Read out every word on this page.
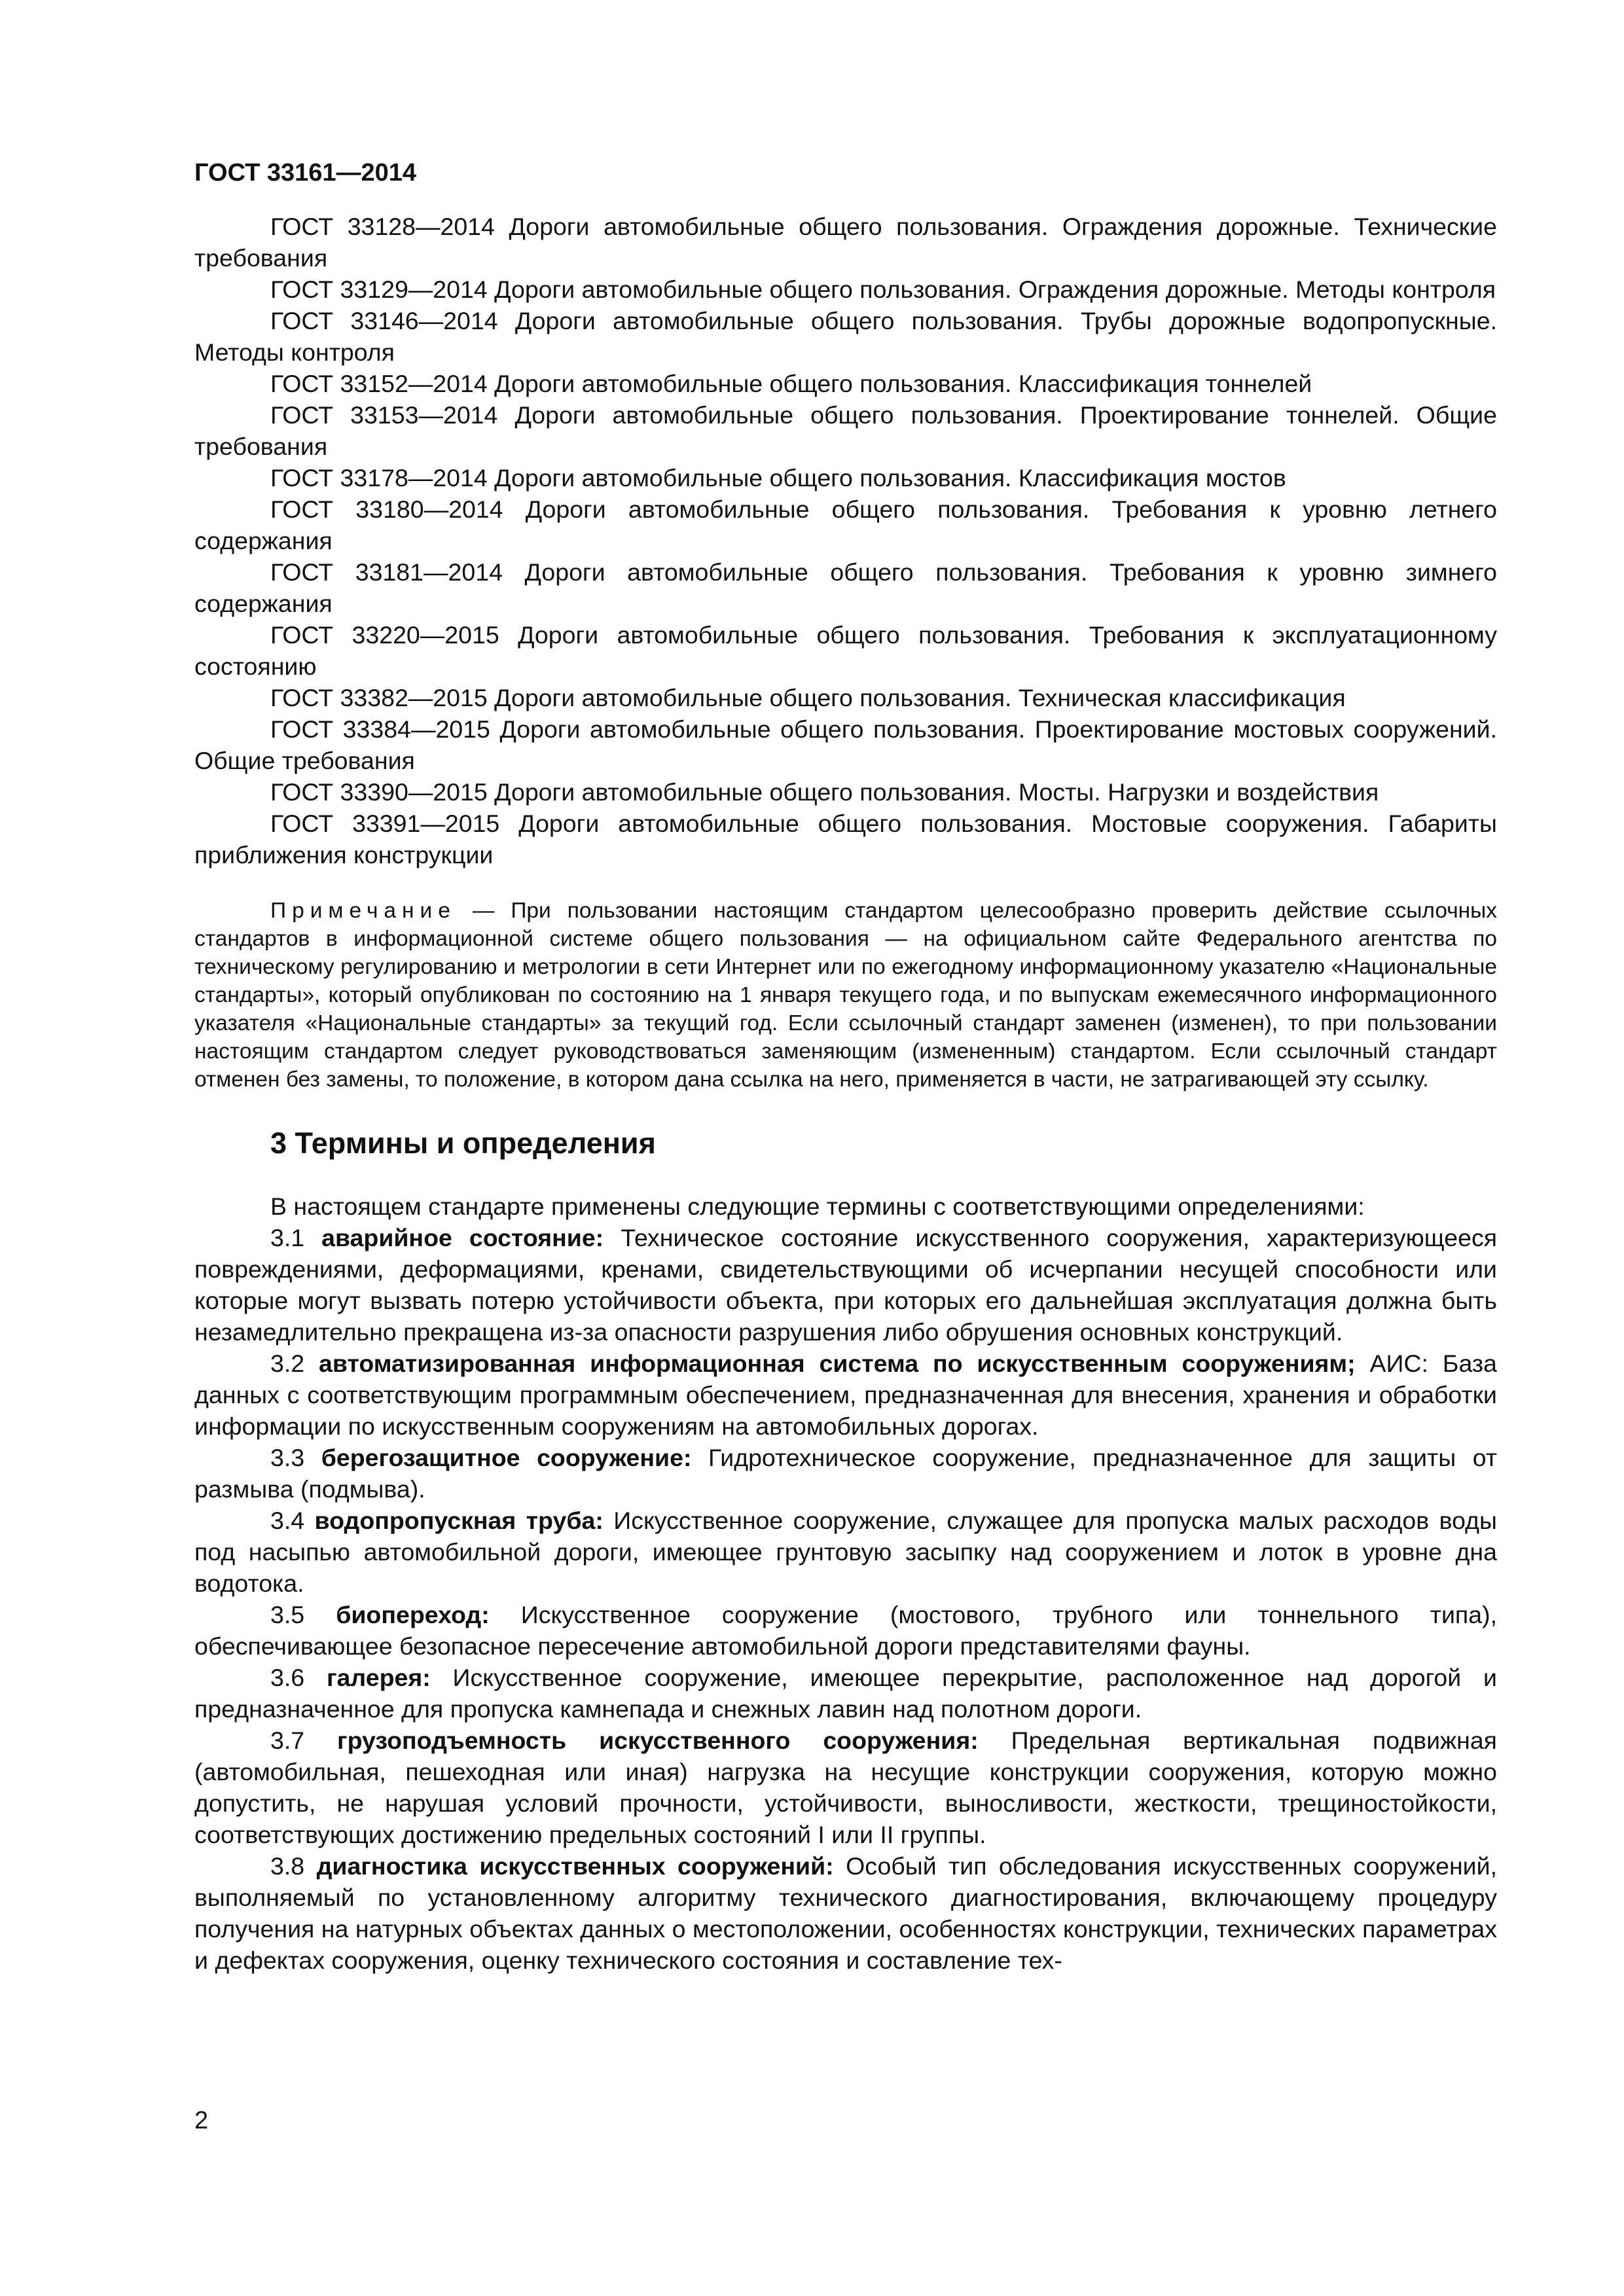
ГОСТ 33161—2014

ГОСТ 33128—2014 Дороги автомобильные общего пользования. Ограждения дорожные. Технические требования

ГОСТ 33129—2014 Дороги автомобильные общего пользования. Ограждения дорожные. Методы контроля

ГОСТ 33146—2014 Дороги автомобильные общего пользования. Трубы дорожные водопропускные. Методы контроля

ГОСТ 33152—2014 Дороги автомобильные общего пользования. Классификация тоннелей

ГОСТ 33153—2014 Дороги автомобильные общего пользования. Проектирование тоннелей. Общие требования

ГОСТ 33178—2014 Дороги автомобильные общего пользования. Классификация мостов

ГОСТ 33180—2014 Дороги автомобильные общего пользования. Требования к уровню летнего содержания

ГОСТ 33181—2014 Дороги автомобильные общего пользования. Требования к уровню зимнего содержания

ГОСТ 33220—2015 Дороги автомобильные общего пользования. Требования к эксплуатационному состоянию

ГОСТ 33382—2015 Дороги автомобильные общего пользования. Техническая классификация

ГОСТ 33384—2015 Дороги автомобильные общего пользования. Проектирование мостовых сооружений. Общие требования

ГОСТ 33390—2015 Дороги автомобильные общего пользования. Мосты. Нагрузки и воздействия

ГОСТ 33391—2015 Дороги автомобильные общего пользования. Мостовые сооружения. Габариты приближения конструкции

Примечание — При пользовании настоящим стандартом целесообразно проверить действие ссылочных стандартов в информационной системе общего пользования — на официальном сайте Федерального агентства по техническому регулированию и метрологии в сети Интернет или по ежегодному информационному указателю «Национальные стандарты», который опубликован по состоянию на 1 января текущего года, и по выпускам ежемесячного информационного указателя «Национальные стандарты» за текущий год. Если ссылочный стандарт заменен (изменен), то при пользовании настоящим стандартом следует руководствоваться заменяющим (измененным) стандартом. Если ссылочный стандарт отменен без замены, то положение, в котором дана ссылка на него, применяется в части, не затрагивающей эту ссылку.

3 Термины и определения

В настоящем стандарте применены следующие термины с соответствующими определениями:

3.1 аварийное состояние: Техническое состояние искусственного сооружения, характеризующееся повреждениями, деформациями, кренами, свидетельствующими об исчерпании несущей способности или которые могут вызвать потерю устойчивости объекта, при которых его дальнейшая эксплуатация должна быть незамедлительно прекращена из-за опасности разрушения либо обрушения основных конструкций.

3.2 автоматизированная информационная система по искусственным сооружениям; АИС: База данных с соответствующим программным обеспечением, предназначенная для внесения, хранения и обработки информации по искусственным сооружениям на автомобильных дорогах.

3.3 берегозащитное сооружение: Гидротехническое сооружение, предназначенное для защиты от размыва (подмыва).

3.4 водопропускная труба: Искусственное сооружение, служащее для пропуска малых расходов воды под насыпью автомобильной дороги, имеющее грунтовую засыпку над сооружением и лоток в уровне дна водотока.

3.5 биопереход: Искусственное сооружение (мостового, трубного или тоннельного типа), обеспечивающее безопасное пересечение автомобильной дороги представителями фауны.

3.6 галерея: Искусственное сооружение, имеющее перекрытие, расположенное над дорогой и предназначенное для пропуска камнепада и снежных лавин над полотном дороги.

3.7 грузоподъемность искусственного сооружения: Предельная вертикальная подвижная (автомобильная, пешеходная или иная) нагрузка на несущие конструкции сооружения, которую можно допустить, не нарушая условий прочности, устойчивости, выносливости, жесткости, трещиностойкости, соответствующих достижению предельных состояний I или II группы.

3.8 диагностика искусственных сооружений: Особый тип обследования искусственных сооружений, выполняемый по установленному алгоритму технического диагностирования, включающему процедуру получения на натурных объектах данных о местоположении, особенностях конструкции, технических параметрах и дефектах сооружения, оценку технического состояния и составление тех-

2
